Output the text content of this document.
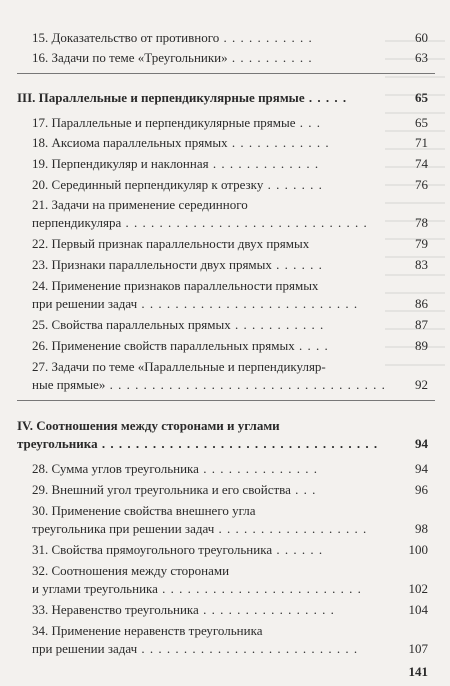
15. Доказательство от противного . . . . . . . . . . .	60
16. Задачи по теме «Треугольники» . . . . . . . . . .	63
III. Параллельные и перпендикулярные прямые . . . . .	65
17. Параллельные и перпендикулярные прямые . . .	65
18. Аксиома параллельных прямых . . . . . . . . . . . .	71
19. Перпендикуляр и наклонная . . . . . . . . . . . . .	74
20. Серединный перпендикуляр к отрезку . . . . . . .	76
21. Задачи на применение серединного
перпендикуляра . . . . . . . . . . . . . . . . . . . . . . . . . . . . .	78
22. Первый признак параллельности двух прямых	79
23. Признаки параллельности двух прямых . . . . . .	83
24. Применение признаков параллельности прямых
при решении задач . . . . . . . . . . . . . . . . . . . . . . . . . .	86
25. Свойства параллельных прямых . . . . . . . . . . .	87
26. Применение свойств параллельных прямых . . . .	89
27. Задачи по теме «Параллельные и перпендикуляр-
ные прямые» . . . . . . . . . . . . . . . . . . . . . . . . . . . . . . . . . 92
IV. Соотношения между сторонами и углами
треугольника . . . . . . . . . . . . . . . . . . . . . . . . . . . . . . . . .	94
28. Сумма углов треугольника . . . . . . . . . . . . . .	94
29. Внешний угол треугольника и его свойства . . .	96
30. Применение свойства внешнего угла
треугольника при решении задач . . . . . . . . . . . . . . . . . .	98
31. Свойства прямоугольного треугольника . . . . . .	100
32. Соотношения между сторонами
и углами треугольника . . . . . . . . . . . . . . . . . . . . . . . .	102
33. Неравенство треугольника . . . . . . . . . . . . . . . .	104
34. Применение неравенств треугольника
при решении задач . . . . . . . . . . . . . . . . . . . . . . . . . .	107
141
